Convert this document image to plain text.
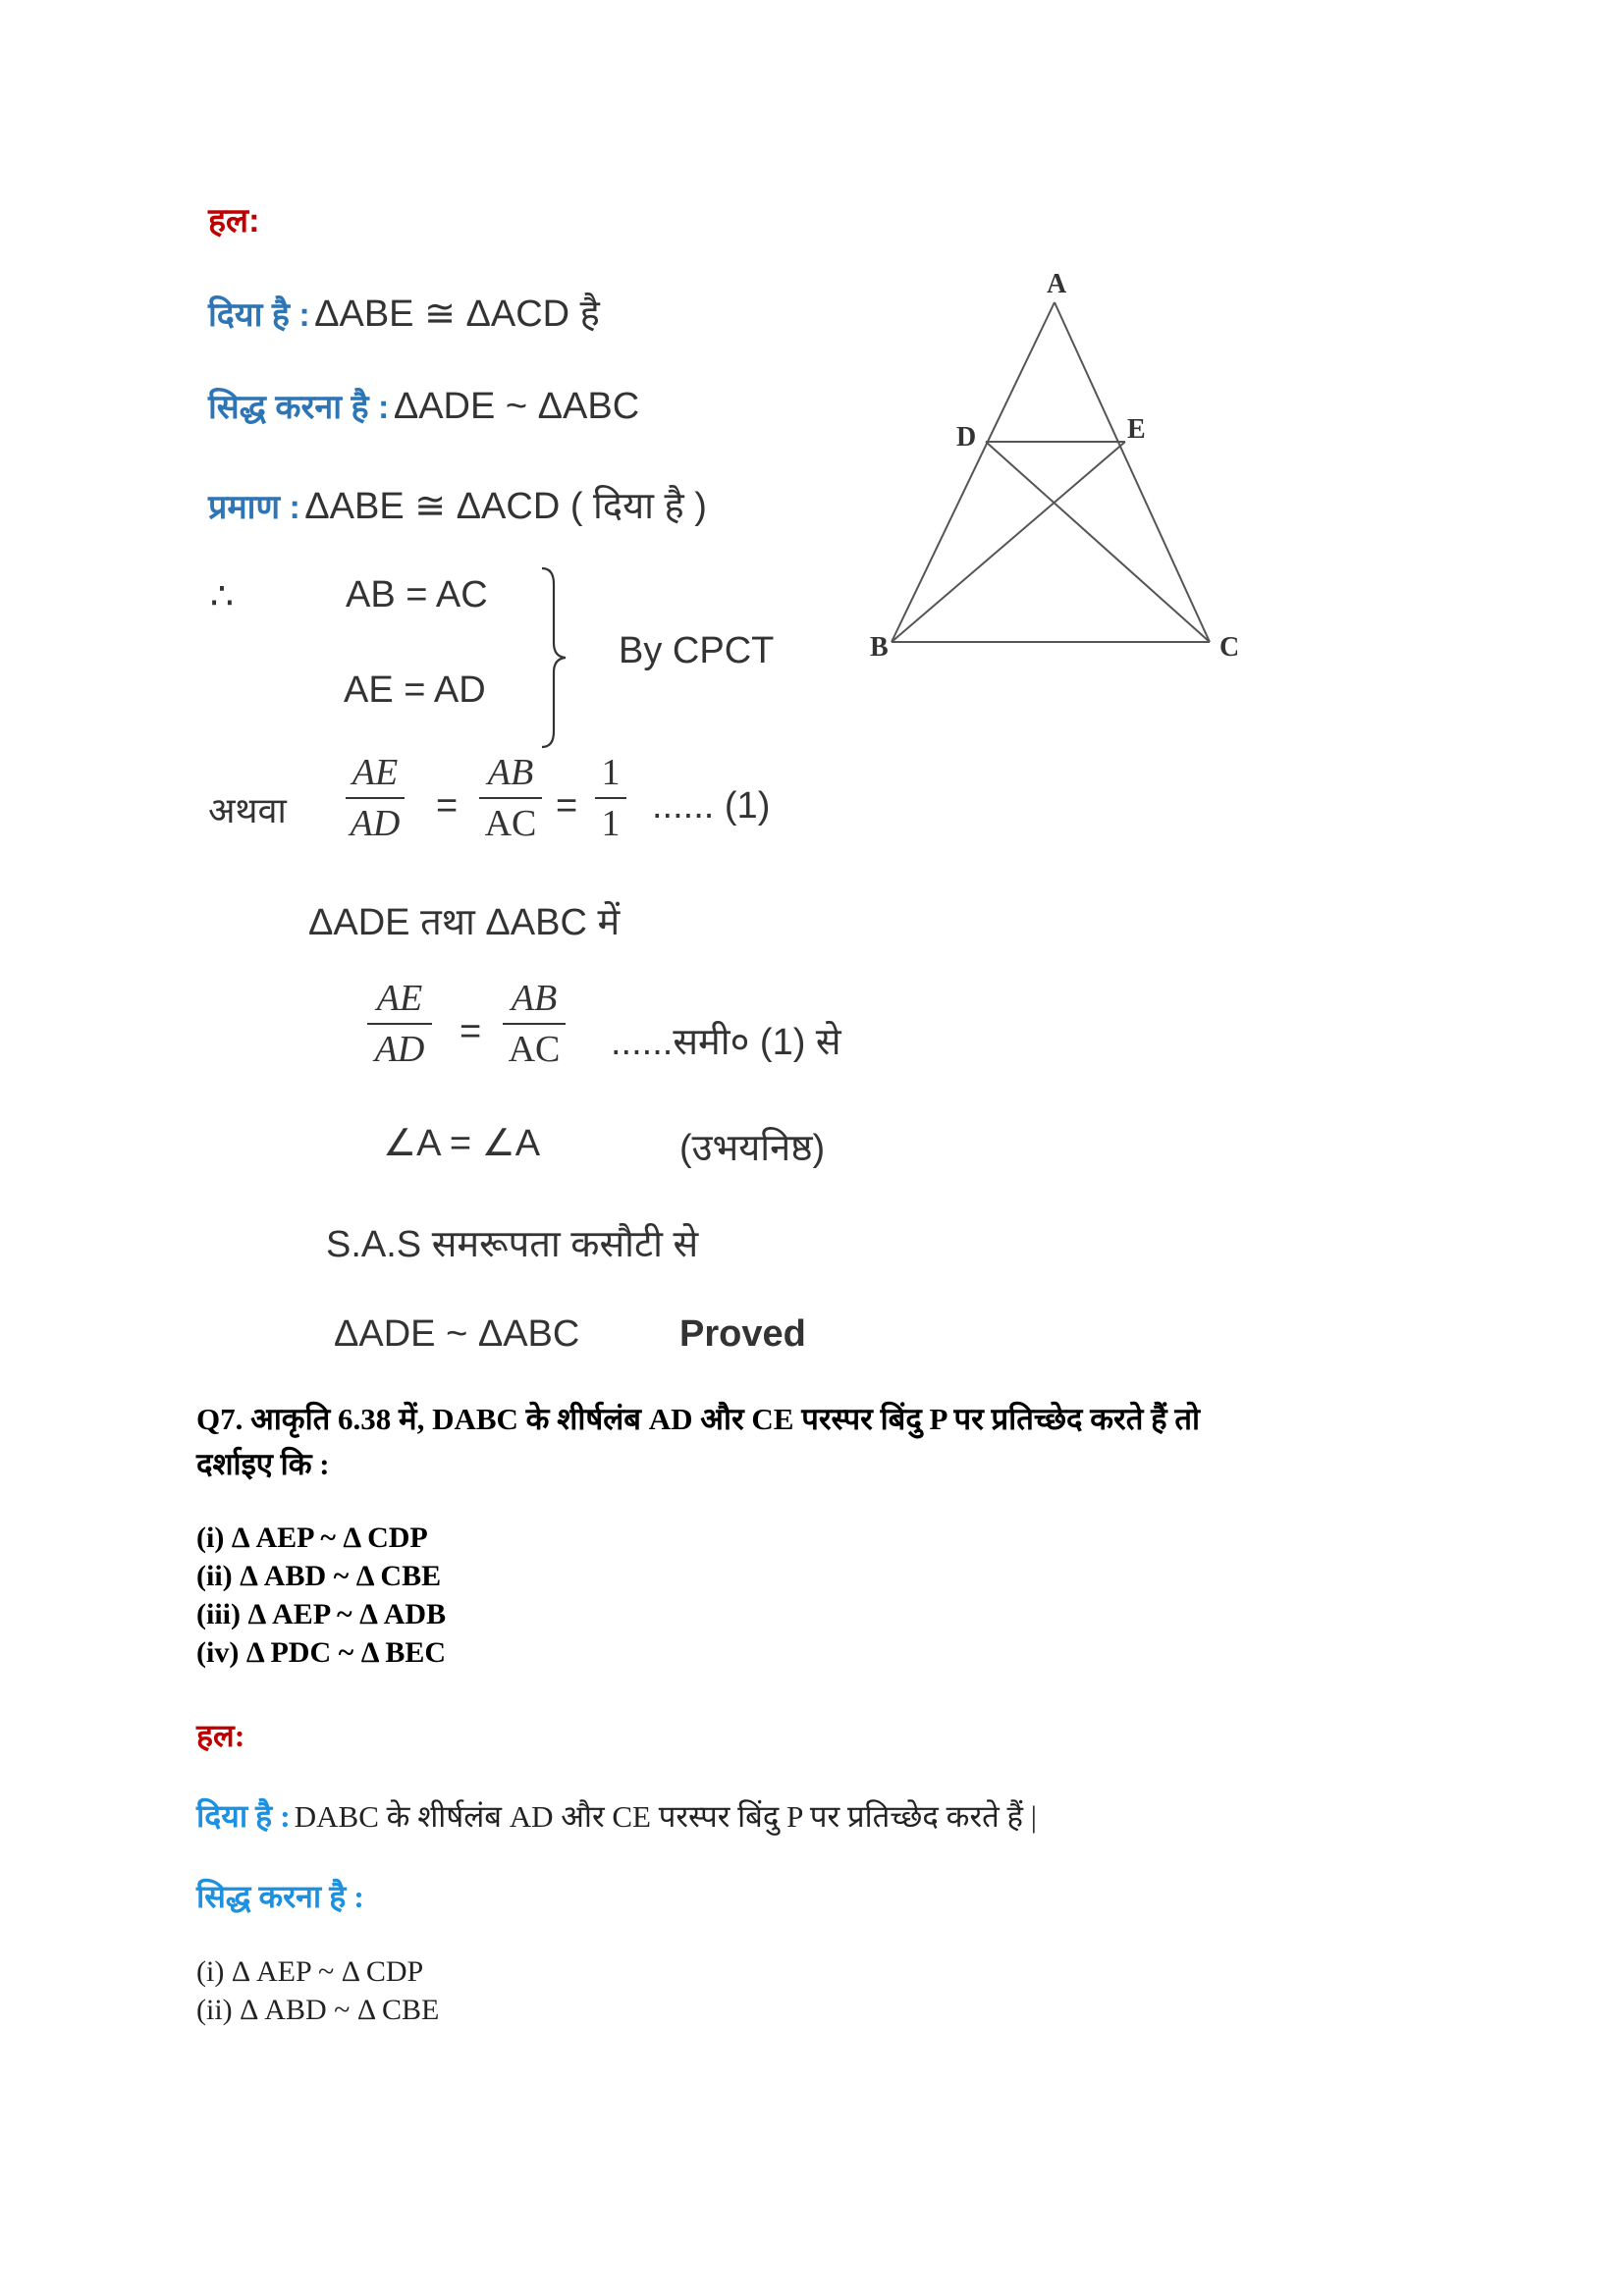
हल:
दिया है : ΔABE ≅ ΔACD है
सिद्ध करना है : ΔADE ~ ΔABC
प्रमाण : ΔABE ≅ ΔACD ( दिया है )
∴	AB = AC
AE = AD
By CPCT
अथवा
AE
AD =
AB
AC =
1
1 ...... (1)
ΔADE तथा ΔABC में
AE
AD =
AB
AC ......समी० (1) से
∠A = ∠A	(उभयनिष्ठ)
S.A.S समरूपता कसौटी से
ΔADE ~ ΔABC	Proved
A
B	C
D	E
Q7. आकृति 6.38 में, DABC के शीर्षलंब AD और CE परस्पर बिंदु P पर प्रतिच्छेद करते हैं तो
दर्शाइए कि :
(i) Δ AEP ~ Δ CDP
(ii) Δ ABD ~ Δ CBE
(iii) Δ AEP ~ Δ ADB
(iv) Δ PDC ~ Δ BEC
हल:
दिया है : DABC के शीर्षलंब AD और CE परस्पर बिंदु P पर प्रतिच्छेद करते हैं |
सिद्ध करना है :
(i) Δ AEP ~ Δ CDP
(ii) Δ ABD ~ Δ CBE
